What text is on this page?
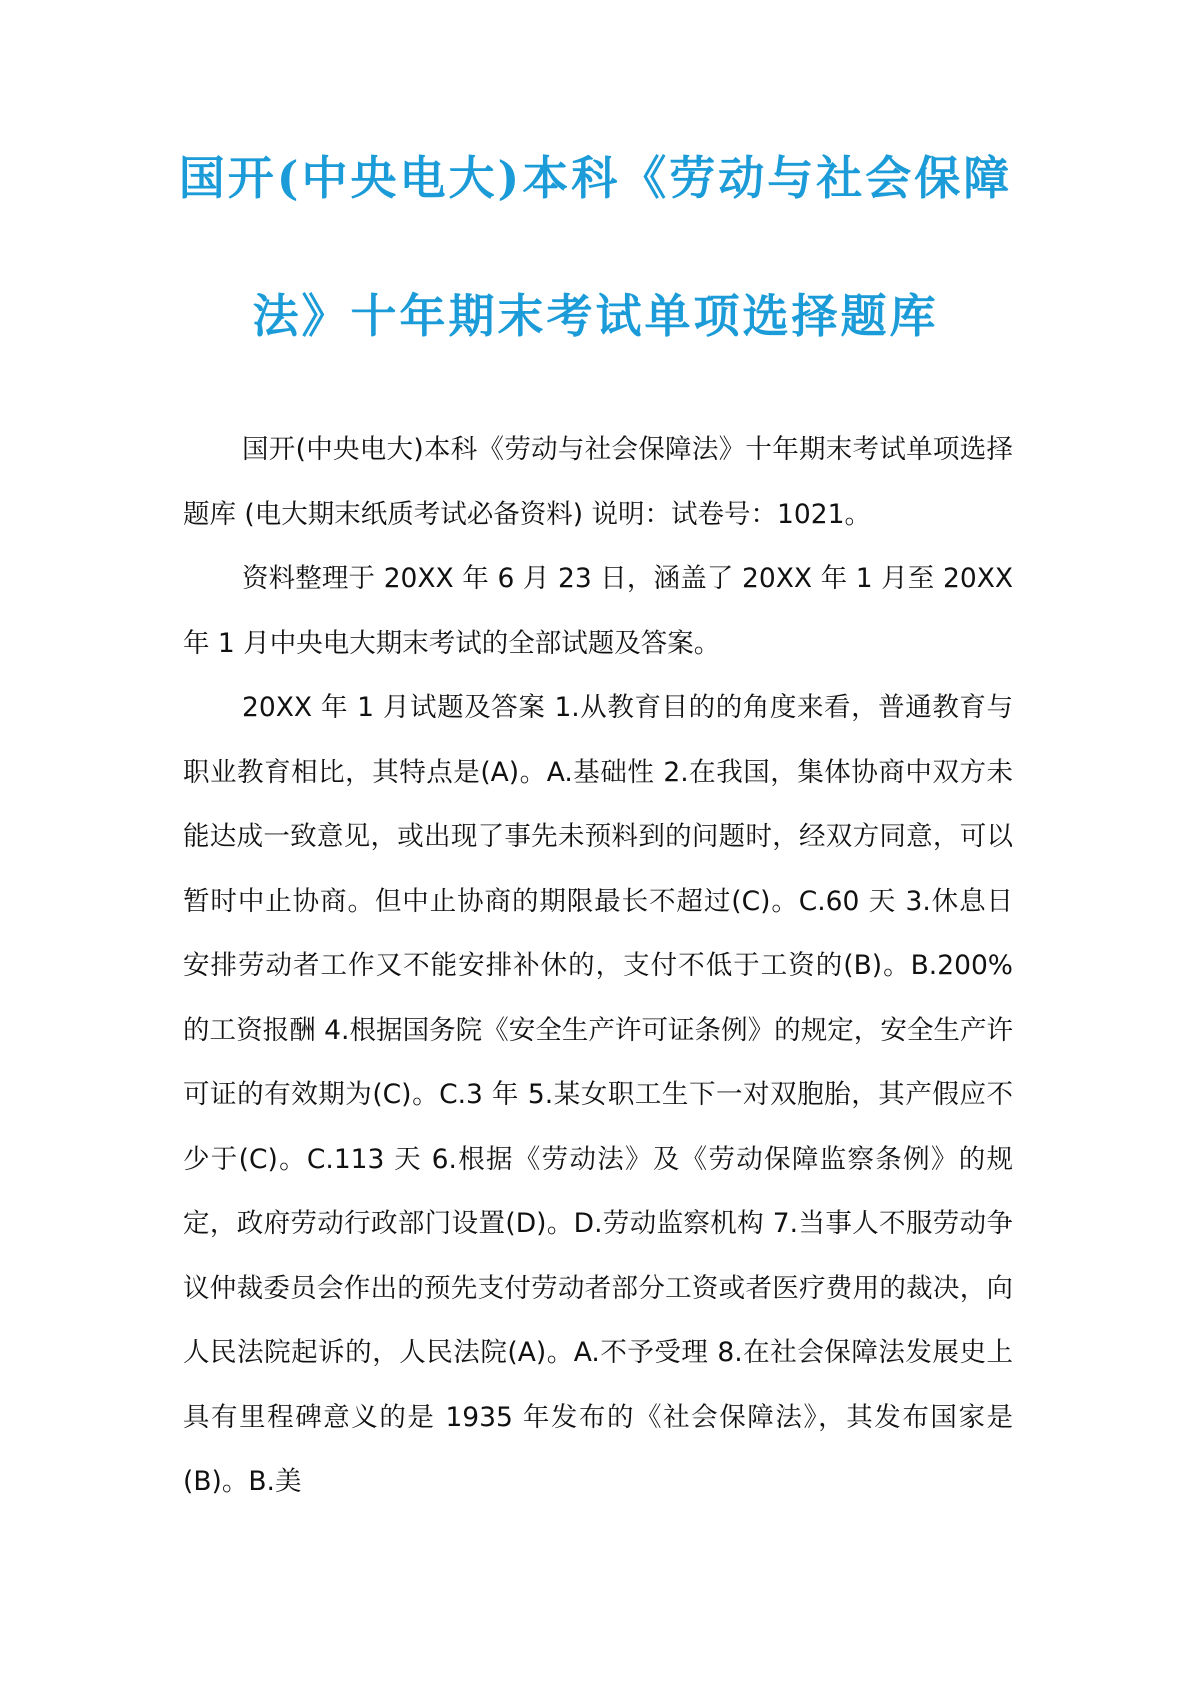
国开(中央电大)本科《劳动与社会保障
法》十年期末考试单项选择题库

国开(中央电大)本科《劳动与社会保障法》十年期末考试单项选择题库 (电大期末纸质考试必备资料) 说明：试卷号：1021。

资料整理于 20XX 年 6 月 23 日，涵盖了 20XX 年 1 月至 20XX 年 1 月中央电大期末考试的全部试题及答案。

20XX 年 1 月试题及答案 1.从教育目的的角度来看，普通教育与职业教育相比，其特点是(A)。A.基础性 2.在我国，集体协商中双方未能达成一致意见，或出现了事先未预料到的问题时，经双方同意，可以暂时中止协商。但中止协商的期限最长不超过(C)。C.60 天 3.休息日安排劳动者工作又不能安排补休的，支付不低于工资的(B)。B.200%的工资报酬 4.根据国务院《安全生产许可证条例》的规定，安全生产许可证的有效期为(C)。C.3 年 5.某女职工生下一对双胞胎，其产假应不少于(C)。C.113 天 6.根据《劳动法》及《劳动保障监察条例》的规定，政府劳动行政部门设置(D)。D.劳动监察机构 7.当事人不服劳动争议仲裁委员会作出的预先支付劳动者部分工资或者医疗费用的裁决，向人民法院起诉的，人民法院(A)。A.不予受理 8.在社会保障法发展史上具有里程碑意义的是 1935 年发布的《社会保障法》，其发布国家是(B)。B.美
